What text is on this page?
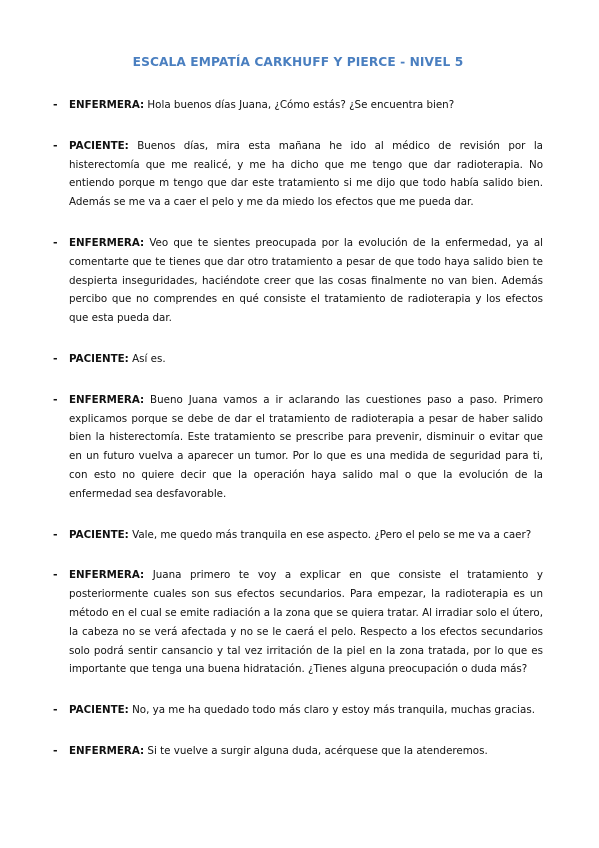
ESCALA EMPATÍA CARKHUFF Y PIERCE - NIVEL 5
-	ENFERMERA: Hola buenos días Juana, ¿Cómo estás? ¿Se encuentra bien?
-	PACIENTE: Buenos días, mira esta mañana he ido al médico de revisión por la histerectomía que me realicé, y me ha dicho que me tengo que dar radioterapia. No entiendo porque m tengo que dar este tratamiento si me dijo que todo había salido bien. Además se me va a caer el pelo y me da miedo los efectos que me pueda dar.
-	ENFERMERA: Veo que te sientes preocupada por la evolución de la enfermedad, ya al comentarte que te tienes que dar otro tratamiento a pesar de que todo haya salido bien te despierta inseguridades, haciéndote creer que las cosas finalmente no van bien. Además percibo que no comprendes en qué consiste el tratamiento de radioterapia y los efectos que esta pueda dar.
-	PACIENTE: Así es.
-	ENFERMERA: Bueno Juana vamos a ir aclarando las cuestiones paso a paso. Primero explicamos porque se debe de dar el tratamiento de radioterapia a pesar de haber salido bien la histerectomía. Este tratamiento se prescribe para prevenir, disminuir o evitar que en un futuro vuelva a aparecer un tumor. Por lo que es una medida de seguridad para ti, con esto no quiere decir que la operación haya salido mal o que la evolución de la enfermedad sea desfavorable.
-	PACIENTE: Vale, me quedo más tranquila en ese aspecto. ¿Pero el pelo se me va a caer?
-	ENFERMERA: Juana primero te voy a explicar en que consiste el tratamiento y posteriormente cuales son sus efectos secundarios. Para empezar, la radioterapia es un método en el cual se emite radiación a la zona que se quiera tratar. Al irradiar solo el útero, la cabeza no se verá afectada y no se le caerá el pelo. Respecto a los efectos secundarios solo podrá sentir cansancio y tal vez irritación de la piel en la zona tratada, por lo que es importante que tenga una buena hidratación. ¿Tienes alguna preocupación o duda más?
-	PACIENTE: No, ya me ha quedado todo más claro y estoy más tranquila, muchas gracias.
-	ENFERMERA: Si te vuelve a surgir alguna duda, acérquese que la atenderemos.
